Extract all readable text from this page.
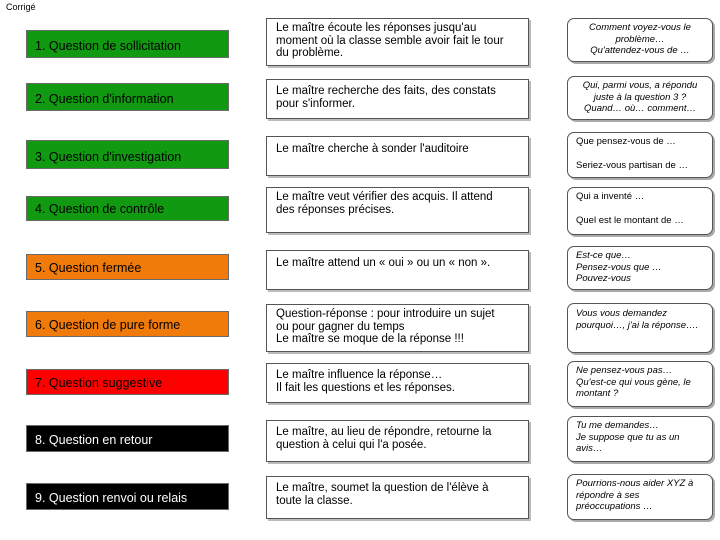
Corrigé
1. Question de sollicitation
Le maître écoute les réponses jusqu'au
moment où la classe semble avoir fait le tour
du problème.
Comment voyez-vous le
problème…
Qu'attendez-vous de …
2. Question d'information
Le maître recherche des faits, des constats
pour s'informer.
Qui, parmi vous, a répondu
juste à la question 3 ?
Quand… où… comment…
3. Question d'investigation
Le maître cherche à sonder l'auditoire
Que pensez-vous de …
Seriez-vous partisan de …
4. Question de contrôle
Le maître veut vérifier des acquis. Il attend
des réponses précises.
Qui a inventé …
Quel est le montant de …
5. Question fermée	Le maître attend un « oui » ou un « non ».
Est-ce que…
Pensez-vous que …
Pouvez-vous
6. Question de pure forme
Question-réponse : pour introduire un sujet
ou pour gagner du temps
Le maître se moque de la réponse !!!
Vous vous demandez
pourquoi…, j'ai la réponse….
7. Question suggestive
Le maître influence la réponse…
Il fait les questions et les réponses.
Ne pensez-vous pas…
Qu'est-ce qui vous gène, le
montant ?
8. Question en retour
Le maître, au lieu de répondre, retourne la
question à celui qui l'a posée.
Tu me demandes…
Je suppose que tu as un
avis…
9. Question renvoi ou relais
Le maître, soumet la question de l'élève à
toute la classe.
Pourrions-nous aider XYZ à
répondre à ses
préoccupations …
